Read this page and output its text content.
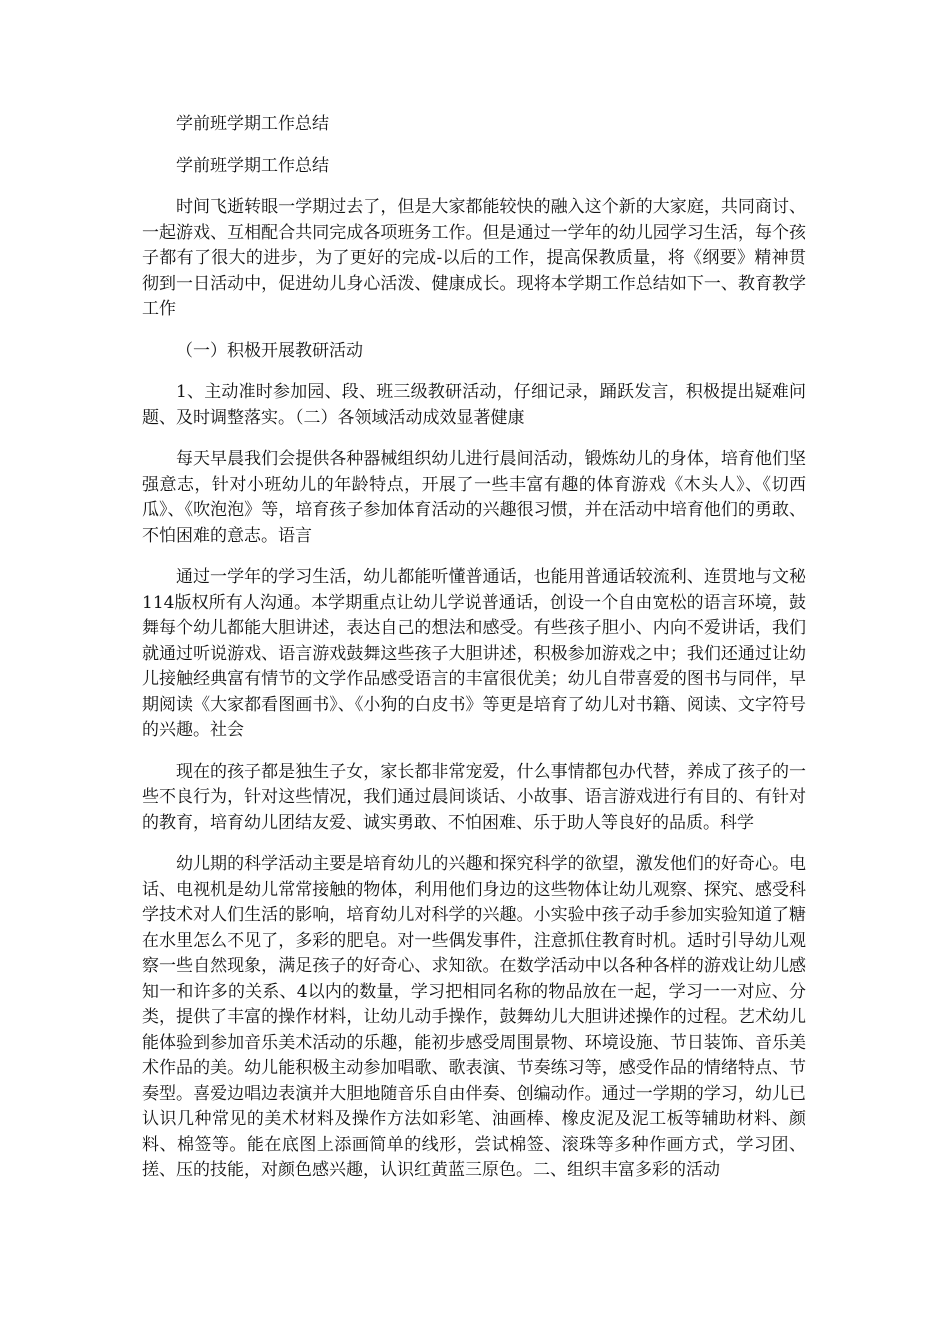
学前班学期工作总结

学前班学期工作总结

时间飞逝转眼一学期过去了，但是大家都能较快的融入这个新的大家庭，共同商讨、一起游戏、互相配合共同完成各项班务工作。但是通过一学年的幼儿园学习生活，每个孩子都有了很大的进步，为了更好的完成-以后的工作，提高保教质量，将《纲要》精神贯彻到一日活动中，促进幼儿身心活泼、健康成长。现将本学期工作总结如下一、教育教学工作

（一）积极开展教研活动

1、主动准时参加园、段、班三级教研活动，仔细记录，踊跃发言，积极提出疑难问题、及时调整落实。（二）各领域活动成效显著健康

每天早晨我们会提供各种器械组织幼儿进行晨间活动，锻炼幼儿的身体，培育他们坚强意志，针对小班幼儿的年龄特点，开展了一些丰富有趣的体育游戏《木头人》、《切西瓜》、《吹泡泡》等，培育孩子参加体育活动的兴趣很习惯，并在活动中培育他们的勇敢、不怕困难的意志。语言

通过一学年的学习生活，幼儿都能听懂普通话，也能用普通话较流利、连贯地与文秘114版权所有人沟通。本学期重点让幼儿学说普通话，创设一个自由宽松的语言环境，鼓舞每个幼儿都能大胆讲述，表达自己的想法和感受。有些孩子胆小、内向不爱讲话，我们就通过听说游戏、语言游戏鼓舞这些孩子大胆讲述，积极参加游戏之中；我们还通过让幼儿接触经典富有情节的文学作品感受语言的丰富很优美；幼儿自带喜爱的图书与同伴，早期阅读《大家都看图画书》、《小狗的白皮书》等更是培育了幼儿对书籍、阅读、文字符号的兴趣。社会

现在的孩子都是独生子女，家长都非常宠爱，什么事情都包办代替，养成了孩子的一些不良行为，针对这些情况，我们通过晨间谈话、小故事、语言游戏进行有目的、有针对的教育，培育幼儿团结友爱、诚实勇敢、不怕困难、乐于助人等良好的品质。科学

幼儿期的科学活动主要是培育幼儿的兴趣和探究科学的欲望，激发他们的好奇心。电话、电视机是幼儿常常接触的物体，利用他们身边的这些物体让幼儿观察、探究、感受科学技术对人们生活的影响，培育幼儿对科学的兴趣。小实验中孩子动手参加实验知道了糖在水里怎么不见了，多彩的肥皂。对一些偶发事件，注意抓住教育时机。适时引导幼儿观察一些自然现象，满足孩子的好奇心、求知欲。在数学活动中以各种各样的游戏让幼儿感知一和许多的关系、4以内的数量，学习把相同名称的物品放在一起，学习一一对应、分类，提供了丰富的操作材料，让幼儿动手操作，鼓舞幼儿大胆讲述操作的过程。艺术幼儿能体验到参加音乐美术活动的乐趣，能初步感受周围景物、环境设施、节日装饰、音乐美术作品的美。幼儿能积极主动参加唱歌、歌表演、节奏练习等，感受作品的情绪特点、节奏型。喜爱边唱边表演并大胆地随音乐自由伴奏、创编动作。通过一学期的学习，幼儿已认识几种常见的美术材料及操作方法如彩笔、油画棒、橡皮泥及泥工板等辅助材料、颜料、棉签等。能在底图上添画简单的线形，尝试棉签、滚珠等多种作画方式，学习团、搓、压的技能，对颜色感兴趣，认识红黄蓝三原色。二、组织丰富多彩的活动
